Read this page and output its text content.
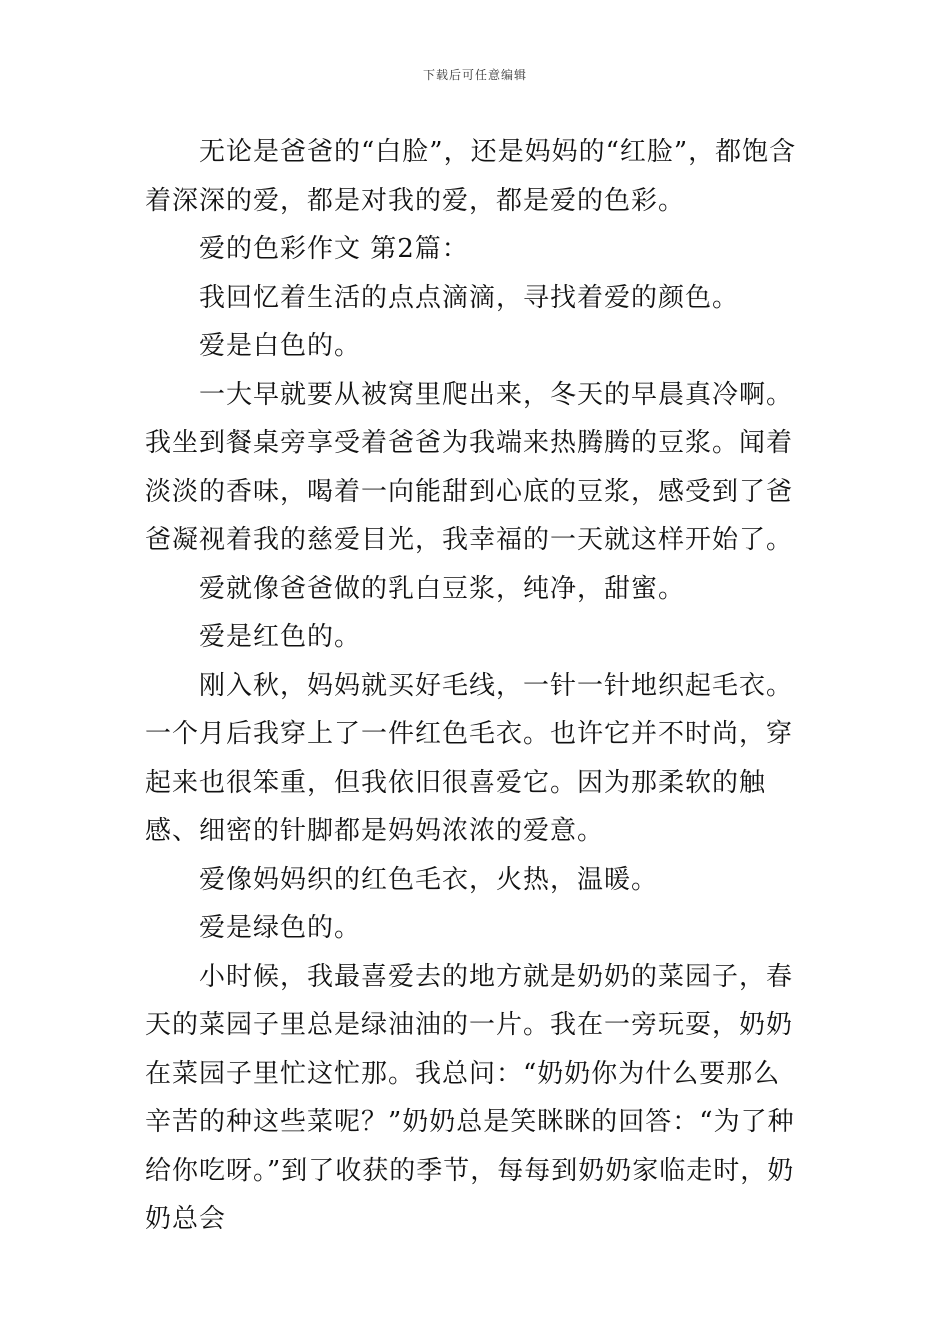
下载后可任意编辑

无论是爸爸的“白脸”，还是妈妈的“红脸”，都饱含着深深的爱，都是对我的爱，都是爱的色彩。

爱的色彩作文 第2篇：

我回忆着生活的点点滴滴，寻找着爱的颜色。

爱是白色的。

一大早就要从被窝里爬出来，冬天的早晨真冷啊。我坐到餐桌旁享受着爸爸为我端来热腾腾的豆浆。闻着淡淡的香味，喝着一向能甜到心底的豆浆，感受到了爸爸凝视着我的慈爱目光，我幸福的一天就这样开始了。

爱就像爸爸做的乳白豆浆，纯净，甜蜜。

爱是红色的。

刚入秋，妈妈就买好毛线，一针一针地织起毛衣。一个月后我穿上了一件红色毛衣。也许它并不时尚，穿起来也很笨重，但我依旧很喜爱它。因为那柔软的触感、细密的针脚都是妈妈浓浓的爱意。

爱像妈妈织的红色毛衣，火热，温暖。

爱是绿色的。

小时候，我最喜爱去的地方就是奶奶的菜园子，春天的菜园子里总是绿油油的一片。我在一旁玩耍，奶奶在菜园子里忙这忙那。我总问：“奶奶你为什么要那么辛苦的种这些菜呢？”奶奶总是笑眯眯的回答：“为了种给你吃呀。”到了收获的季节，每每到奶奶家临走时，奶奶总会
